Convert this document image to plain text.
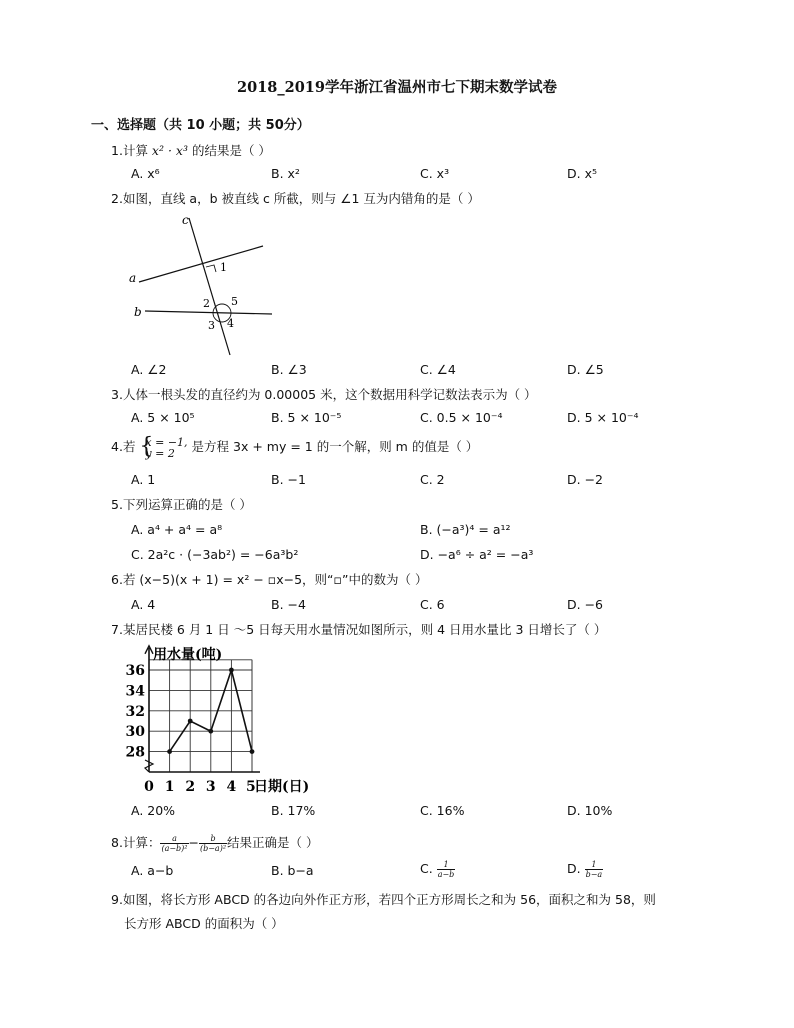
2018_2019学年浙江省温州市七下期末数学试卷
一、选择题（共 10 小题；共 50分）
1.计算 x² · x³ 的结果是（ ）
A. x⁶	B. x²	C. x³	D. x⁵
2.如图，直线 a，b 被直线 c 所截，则与 ∠1 互为内错角的是（ ）
c
a
b
1
2
3 4
5
A. ∠2	B. ∠3	C. ∠4	D. ∠5
3.人体一根头发的直径约为 0.00005 米，这个数据用科学记数法表示为（ ）
A. 5 × 10⁵	B. 5 × 10⁻⁵	C. 0.5 × 10⁻⁴	D. 5 × 10⁻⁴
4.若 {
x = −1,
y = 2	是方程 3x + my = 1 的一个解，则 m 的值是（ ）
A. 1	B. −1	C. 2	D. −2
5.下列运算正确的是（ ）
A. a⁴ + a⁴ = a⁸	B. (−a³)⁴ = a¹²
C. 2a²c · (−3ab²) = −6a³b²	D. −a⁶ ÷ a² = −a³
6.若 (x−5)(x + 1) = x² − ▫x−5，则“▫”中的数为（ ）
A. 4	B. −4	C. 6	D. −6
7.某居民楼 6 月 1 日 ～5 日每天用水量情况如图所示，则 4 日用水量比 3 日增长了（ ）
用水量(吨)
日期(日)
28
30
32
34
36
0 1 2 3 4 5
A. 20%	B. 17%	C. 16%	D. 10%
8.计算： $\frac{a}{\text{(a−b)²}} - \frac{b}{\text{(b−a)²}}$ 结果正确是（ ）
A. a−b	B. b−a	C. $\frac{1}{a-b}$	D. $\frac{1}{b-a}$
9.如图，将长方形 ABCD 的各边向外作正方形，若四个正方形周长之和为 56，面积之和为 58，则
长方形 ABCD 的面积为（ ）
